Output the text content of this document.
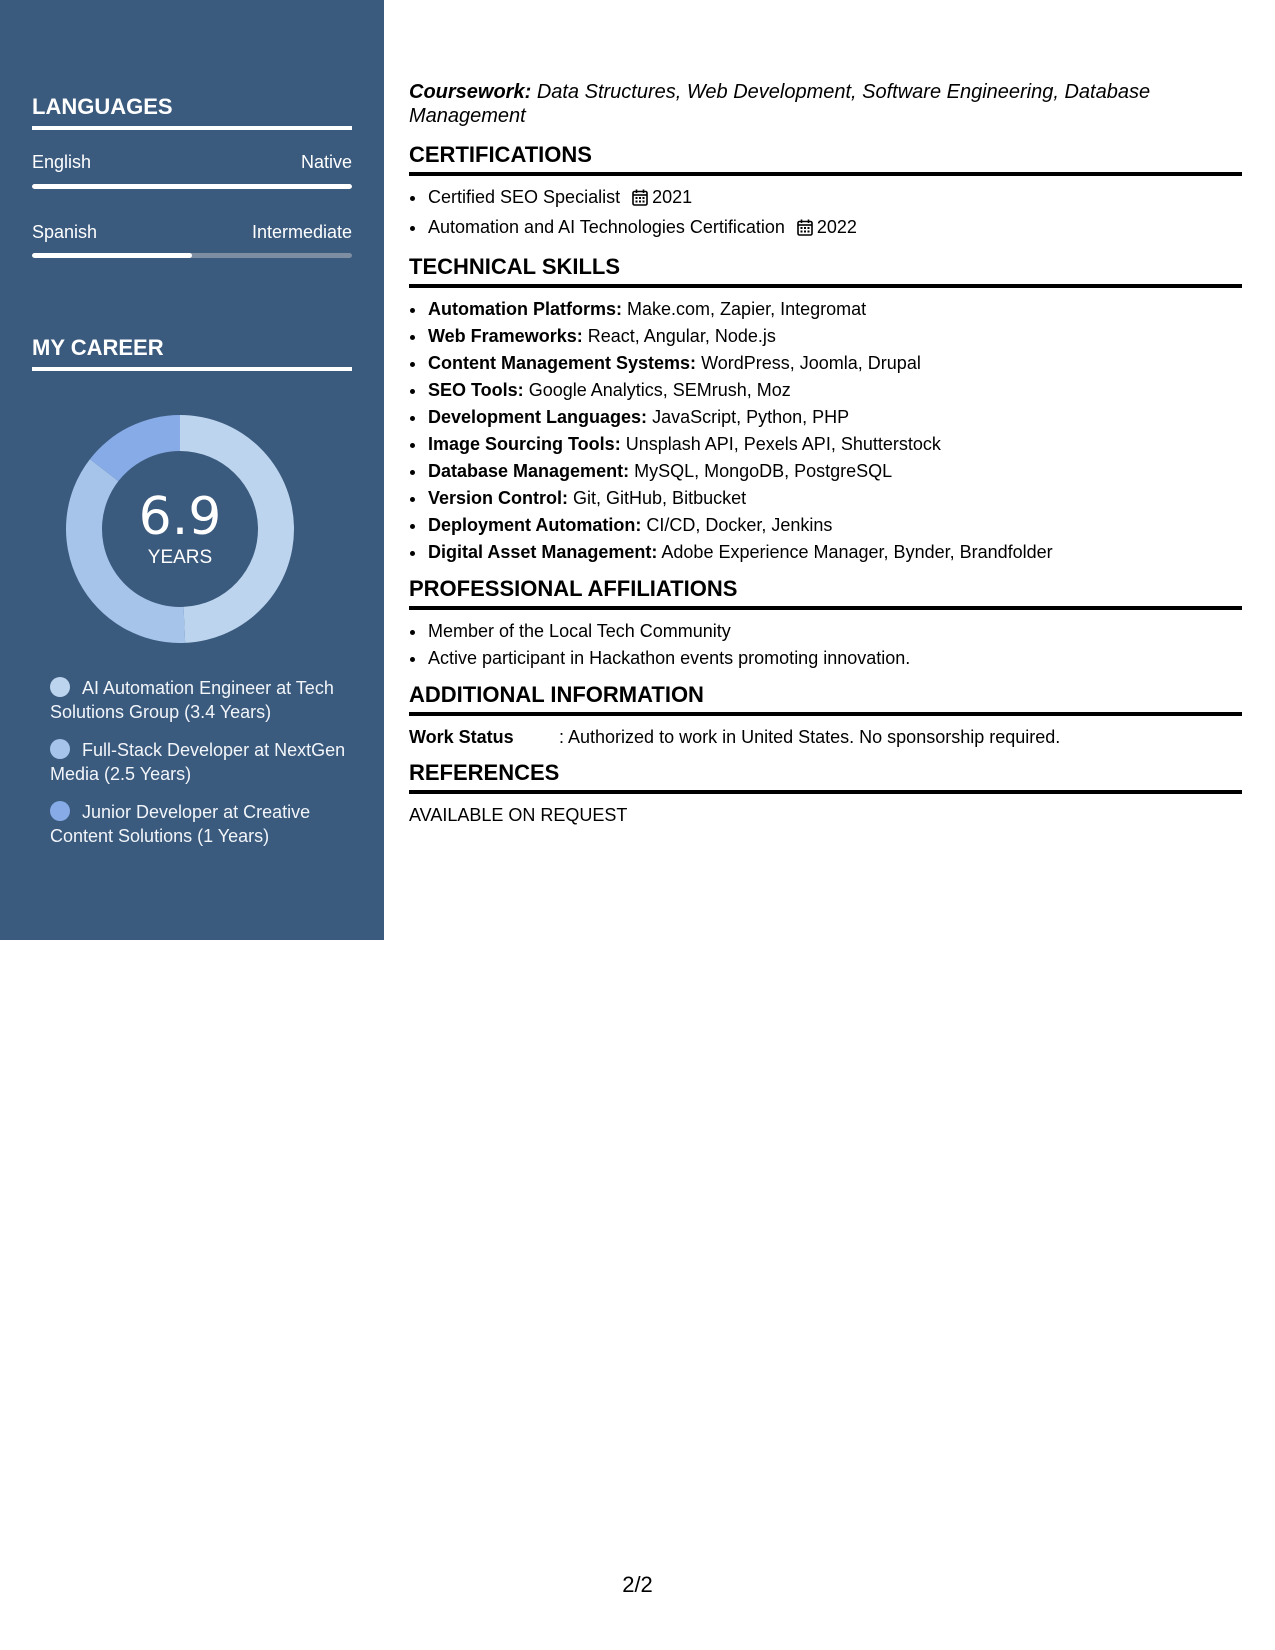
LANGUAGES
English	Native
Spanish	Intermediate
MY CAREER
6.9
YEARS
AI Automation Engineer at Tech Solutions Group (3.4 Years)
Full-Stack Developer at NextGen Media (2.5 Years)
Junior Developer at Creative Content Solutions (1 Years)

Coursework: Data Structures, Web Development, Software Engineering, Database Management

CERTIFICATIONS
• Certified SEO Specialist 2021
• Automation and AI Technologies Certification 2022
TECHNICAL SKILLS
• Automation Platforms: Make.com, Zapier, Integromat
• Web Frameworks: React, Angular, Node.js
• Content Management Systems: WordPress, Joomla, Drupal
• SEO Tools: Google Analytics, SEMrush, Moz
• Development Languages: JavaScript, Python, PHP
• Image Sourcing Tools: Unsplash API, Pexels API, Shutterstock
• Database Management: MySQL, MongoDB, PostgreSQL
• Version Control: Git, GitHub, Bitbucket
• Deployment Automation: CI/CD, Docker, Jenkins
• Digital Asset Management: Adobe Experience Manager, Bynder, Brandfolder
PROFESSIONAL AFFILIATIONS
• Member of the Local Tech Community
• Active participant in Hackathon events promoting innovation.
ADDITIONAL INFORMATION
Work Status	: Authorized to work in United States. No sponsorship required.
REFERENCES

AVAILABLE ON REQUEST

2/2
